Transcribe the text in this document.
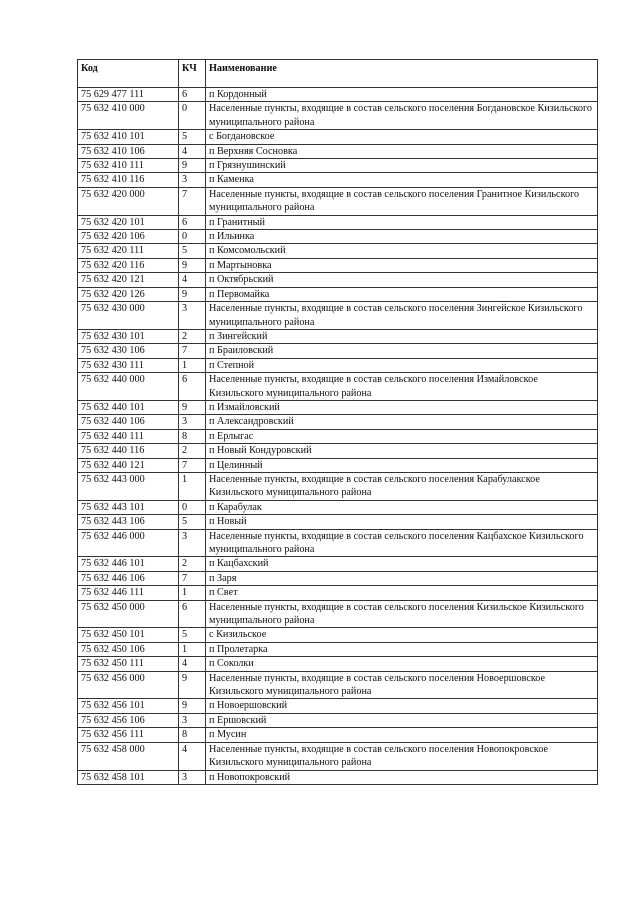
Код	КЧ	Наименование
75 629 477 111	6	п Кордонный
75 632 410 000	0	Населенные пункты, входящие в состав сельского поселения Богдановское Кизильского муниципального района
75 632 410 101	5	с Богдановское
75 632 410 106	4	п Верхняя Сосновка
75 632 410 111	9	п Грязнушинский
75 632 410 116	3	п Каменка
75 632 420 000	7	Населенные пункты, входящие в состав сельского поселения Гранитное Кизильского муниципального района
75 632 420 101	6	п Гранитный
75 632 420 106	0	п Ильинка
75 632 420 111	5	п Комсомольский
75 632 420 116	9	п Мартыновка
75 632 420 121	4	п Октябрьский
75 632 420 126	9	п Первомайка
75 632 430 000	3	Населенные пункты, входящие в состав сельского поселения Зингейское Кизильского муниципального района
75 632 430 101	2	п Зингейский
75 632 430 106	7	п Браиловский
75 632 430 111	1	п Степной
75 632 440 000	6	Населенные пункты, входящие в состав сельского поселения Измайловское Кизильского муниципального района
75 632 440 101	9	п Измайловский
75 632 440 106	3	п Александровский
75 632 440 111	8	п Ерлыгас
75 632 440 116	2	п Новый Кондуровский
75 632 440 121	7	п Целинный
75 632 443 000	1	Населенные пункты, входящие в состав сельского поселения Карабулакское Кизильского муниципального района
75 632 443 101	0	п Карабулак
75 632 443 106	5	п Новый
75 632 446 000	3	Населенные пункты, входящие в состав сельского поселения Кацбахское Кизильского муниципального района
75 632 446 101	2	п Кацбахский
75 632 446 106	7	п Заря
75 632 446 111	1	п Свет
75 632 450 000	6	Населенные пункты, входящие в состав сельского поселения Кизильское Кизильского муниципального района
75 632 450 101	5	с Кизильское
75 632 450 106	1	п Пролетарка
75 632 450 111	4	п Соколки
75 632 456 000	9	Населенные пункты, входящие в состав сельского поселения Новоершовское Кизильского муниципального района
75 632 456 101	9	п Новоершовский
75 632 456 106	3	п Ершовский
75 632 456 111	8	п Мусин
75 632 458 000	4	Населенные пункты, входящие в состав сельского поселения Новопокровское Кизильского муниципального района
75 632 458 101	3	п Новопокровский
